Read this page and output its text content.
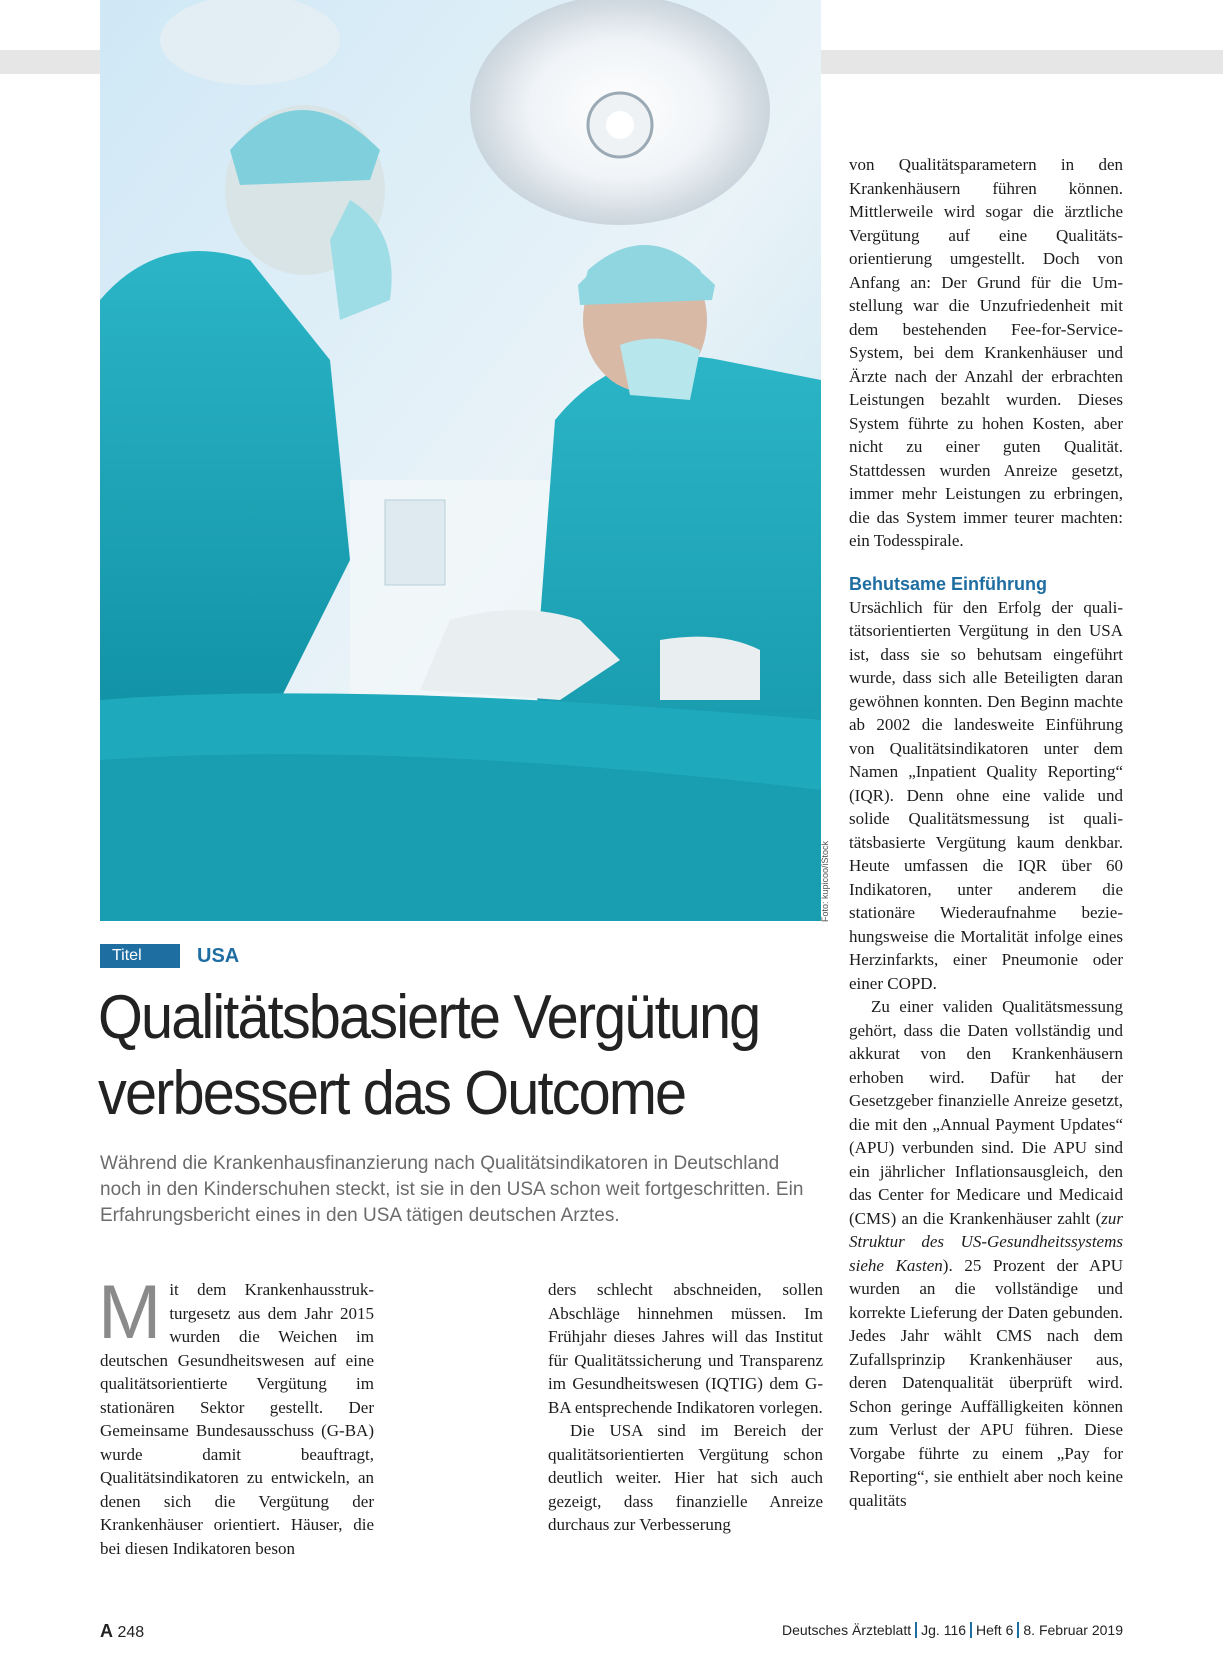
Foto: kupicoo/iStock
Titel	USA
Qualitätsbasierte Vergütung
verbessert das Outcome
Während die Krankenhausfinanzierung nach Qualitätsindikatoren in Deutschland noch in den Kinderschuhen steckt, ist sie in den USA schon weit fortgeschritten. Ein Erfahrungsbericht eines in den USA tätigen deutschen Arztes.

Mit dem Krankenhausstrukturgesetz aus dem Jahr 2015 wurden die Weichen im deutschen Gesundheitswesen auf eine qualitätsorientierte Vergütung im stationären Sektor gestellt. Der Gemeinsame Bundesausschuss (G-BA) wurde damit beauftragt, Qualitätsindikatoren zu entwickeln, an denen sich die Vergütung der Krankenhäuser orientiert. Häuser, die bei diesen Indikatoren beson

ders schlecht abschneiden, sollen Abschläge hinnehmen müssen. Im Frühjahr dieses Jahres will das Institut für Qualitätssicherung und Transparenz im Gesundheitswesen (IQTIG) dem G-BA entsprechende Indikatoren vorlegen.

Die USA sind im Bereich der qualitätsorientierten Vergütung schon deutlich weiter. Hier hat sich auch gezeigt, dass finanzielle Anreize durchaus zur Verbesserung

von Qualitätsparametern in den Krankenhäusern führen können. Mittlerweile wird sogar die ärztliche Vergütung auf eine Qualitätsorientierung umgestellt. Doch von Anfang an: Der Grund für die Umstellung war die Unzufriedenheit mit dem bestehenden Fee-for-Service-System, bei dem Krankenhäuser und Ärzte nach der Anzahl der erbrachten Leistungen bezahlt wurden. Dieses System führte zu hohen Kosten, aber nicht zu einer guten Qualität. Stattdessen wurden Anreize gesetzt, immer mehr Leistungen zu erbringen, die das System immer teurer machten: ein Todesspirale.

Behutsame Einführung

Ursächlich für den Erfolg der qualitätsorientierten Vergütung in den USA ist, dass sie so behutsam eingeführt wurde, dass sich alle Beteiligten daran gewöhnen konnten. Den Beginn machte ab 2002 die landesweite Einführung von Qualitätsindikatoren unter dem Namen „Inpatient Quality Reporting“ (IQR). Denn ohne eine valide und solide Qualitätsmessung ist qualitätsbasierte Vergütung kaum denkbar. Heute umfassen die IQR über 60 Indikatoren, unter anderem die stationäre Wiederaufnahme beziehungsweise die Mortalität infolge eines Herzinfarkts, einer Pneumonie oder einer COPD.

Zu einer validen Qualitätsmessung gehört, dass die Daten vollständig und akkurat von den Krankenhäusern erhoben wird. Dafür hat der Gesetzgeber finanzielle Anreize gesetzt, die mit den „Annual Payment Updates“ (APU) verbunden sind. Die APU sind ein jährlicher Inflationsausgleich, den das Center for Medicare und Medicaid (CMS) an die Krankenhäuser zahlt (zur Struktur des US-Gesundheitssystems siehe Kasten). 25 Prozent der APU wurden an die vollständige und korrekte Lieferung der Daten gebunden. Jedes Jahr wählt CMS nach dem Zufallsprinzip Krankenhäuser aus, deren Datenqualität überprüft wird. Schon geringe Auffälligkeiten können zum Verlust der APU führen. Diese Vorgabe führte zu einem „Pay for Reporting“, sie enthielt aber noch keine qualitäts

A 248	Deutsches Ärzteblatt Jg. 116 Heft 6 8. Februar 2019
